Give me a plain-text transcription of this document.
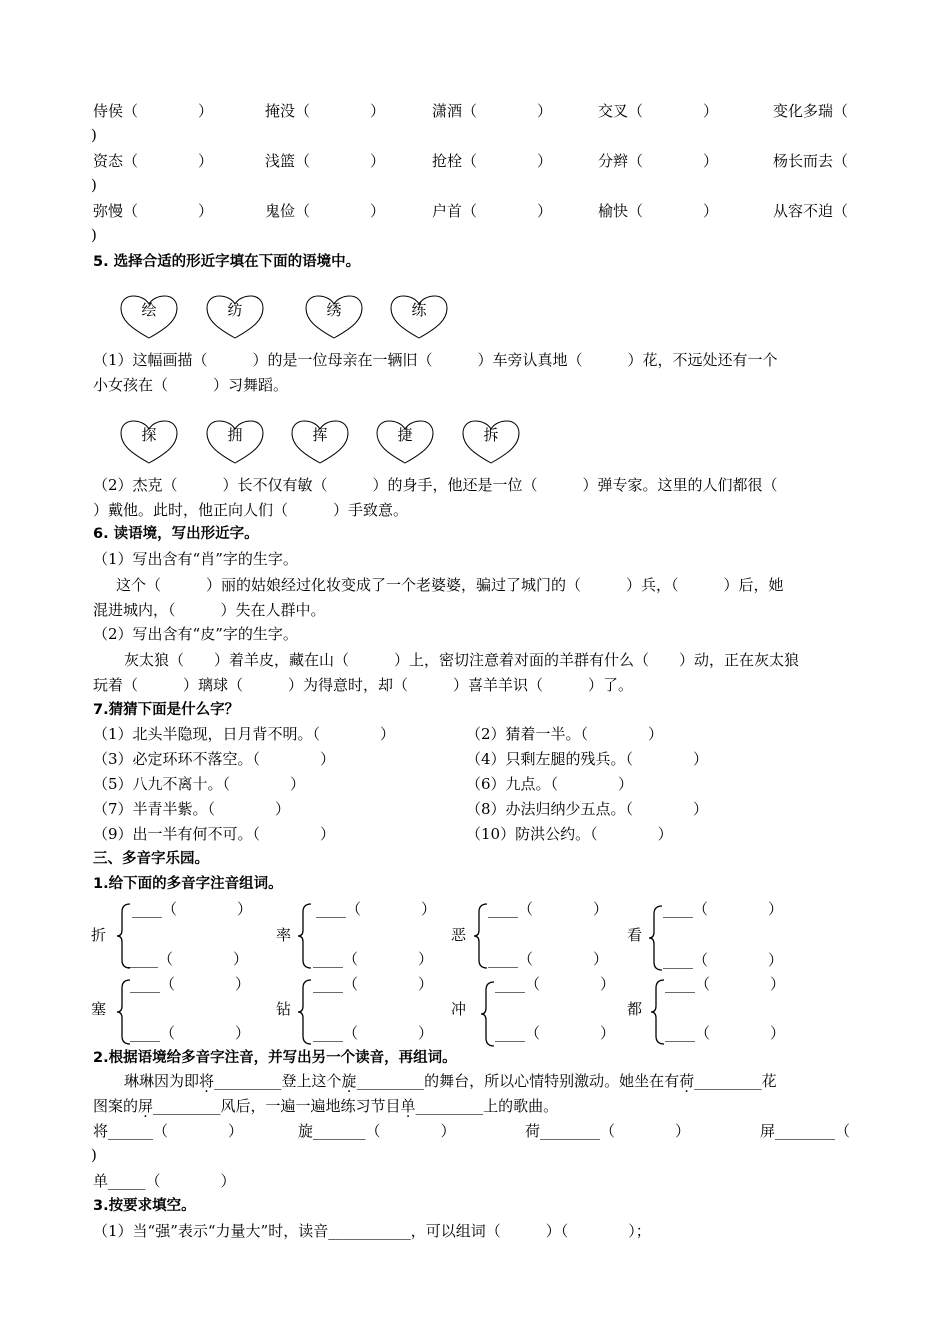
侍侯（　　　　）	掩没（　　　　）	潇酒（　　　　）	交叉（　　　　）	变化多瑞（
)
资态（　　　　）	浅篮（　　　　）	抢栓（　　　　）	分辫（　　　　）	杨长而去（
)
弥慢（　　　　）	鬼俭（　　　　）	户首（　　　　）	榆快（　　　　）	从容不迫（
)
5. 选择合适的形近字填在下面的语境中。
绘	纺	绣	练
（1）这幅画描（　　　）的是一位母亲在一辆旧（　　　）车旁认真地（　　　）花，不远处还有一个
小女孩在（　　　）习舞蹈。
探	拥	挥	捷	拆
（2）杰克（　　　）长不仅有敏（　　　）的身手，他还是一位（　　　）弹专家。这里的人们都很（
）戴他。此时，他正向人们（　　　）手致意。
6. 读语境，写出形近字。
（1）写出含有“肖”字的生字。
这个（　　　）丽的姑娘经过化妆变成了一个老婆婆，骗过了城门的（　　　）兵，（　　　）后，她
混进城内，（　　　）失在人群中。
（2）写出含有“皮”字的生字。
灰太狼（　　）着羊皮，藏在山（　　　）上，密切注意着对面的羊群有什么（　　）动，正在灰太狼
玩着（　　　）璃球（　　　）为得意时，却（　　　）喜羊羊识（　　　）了。
7.猜猜下面是什么字？
（1）北头半隐现，日月背不明。（　　　　）
（3）必定环环不落空。（　　　　）
（5）八九不离十。（　　　　）
（7）半青半紫。（　　　　）
（9）出一半有何不可。（　　　　）
（2）猜着一半。（　　　　）
（4）只剩左腿的残兵。（　　　　）
（6）九点。（　　　　）
（8）办法归纳少五点。（　　　　）
（10）防洪公约。（　　　　）
三、多音字乐园。
1.给下面的多音字注音组词。
折
____（　　　　）
____（　　　　）
率
____（　　　　）
____（　　　　）
恶
____（　　　　）
____（　　　　）
看
____（　　　　）
____（　　　　）
塞
____（　　　　）
____（　　　　）
钻
____（　　　　）
____（　　　　）
冲
____（　　　　）
____（　　　　）
都
____（　　　　）
____（　　　　）
2.根据语境给多音字注音，并写出另一个读音，再组词。
琳琳因为即将_________登上这个旋_________的舞台，所以心情特别激动。她坐在有荷_________花
图案的屏_________风后，一遍一遍地练习节目单_________上的歌曲。
将______（　　　　）	旋_______（　　　　）	荷________（　　　　）	屏________（
)
单_____（　　　　）
3.按要求填空。
（1）当“强”表示“力量大”时，读音___________，可以组词（　　　）（　　　　）；
